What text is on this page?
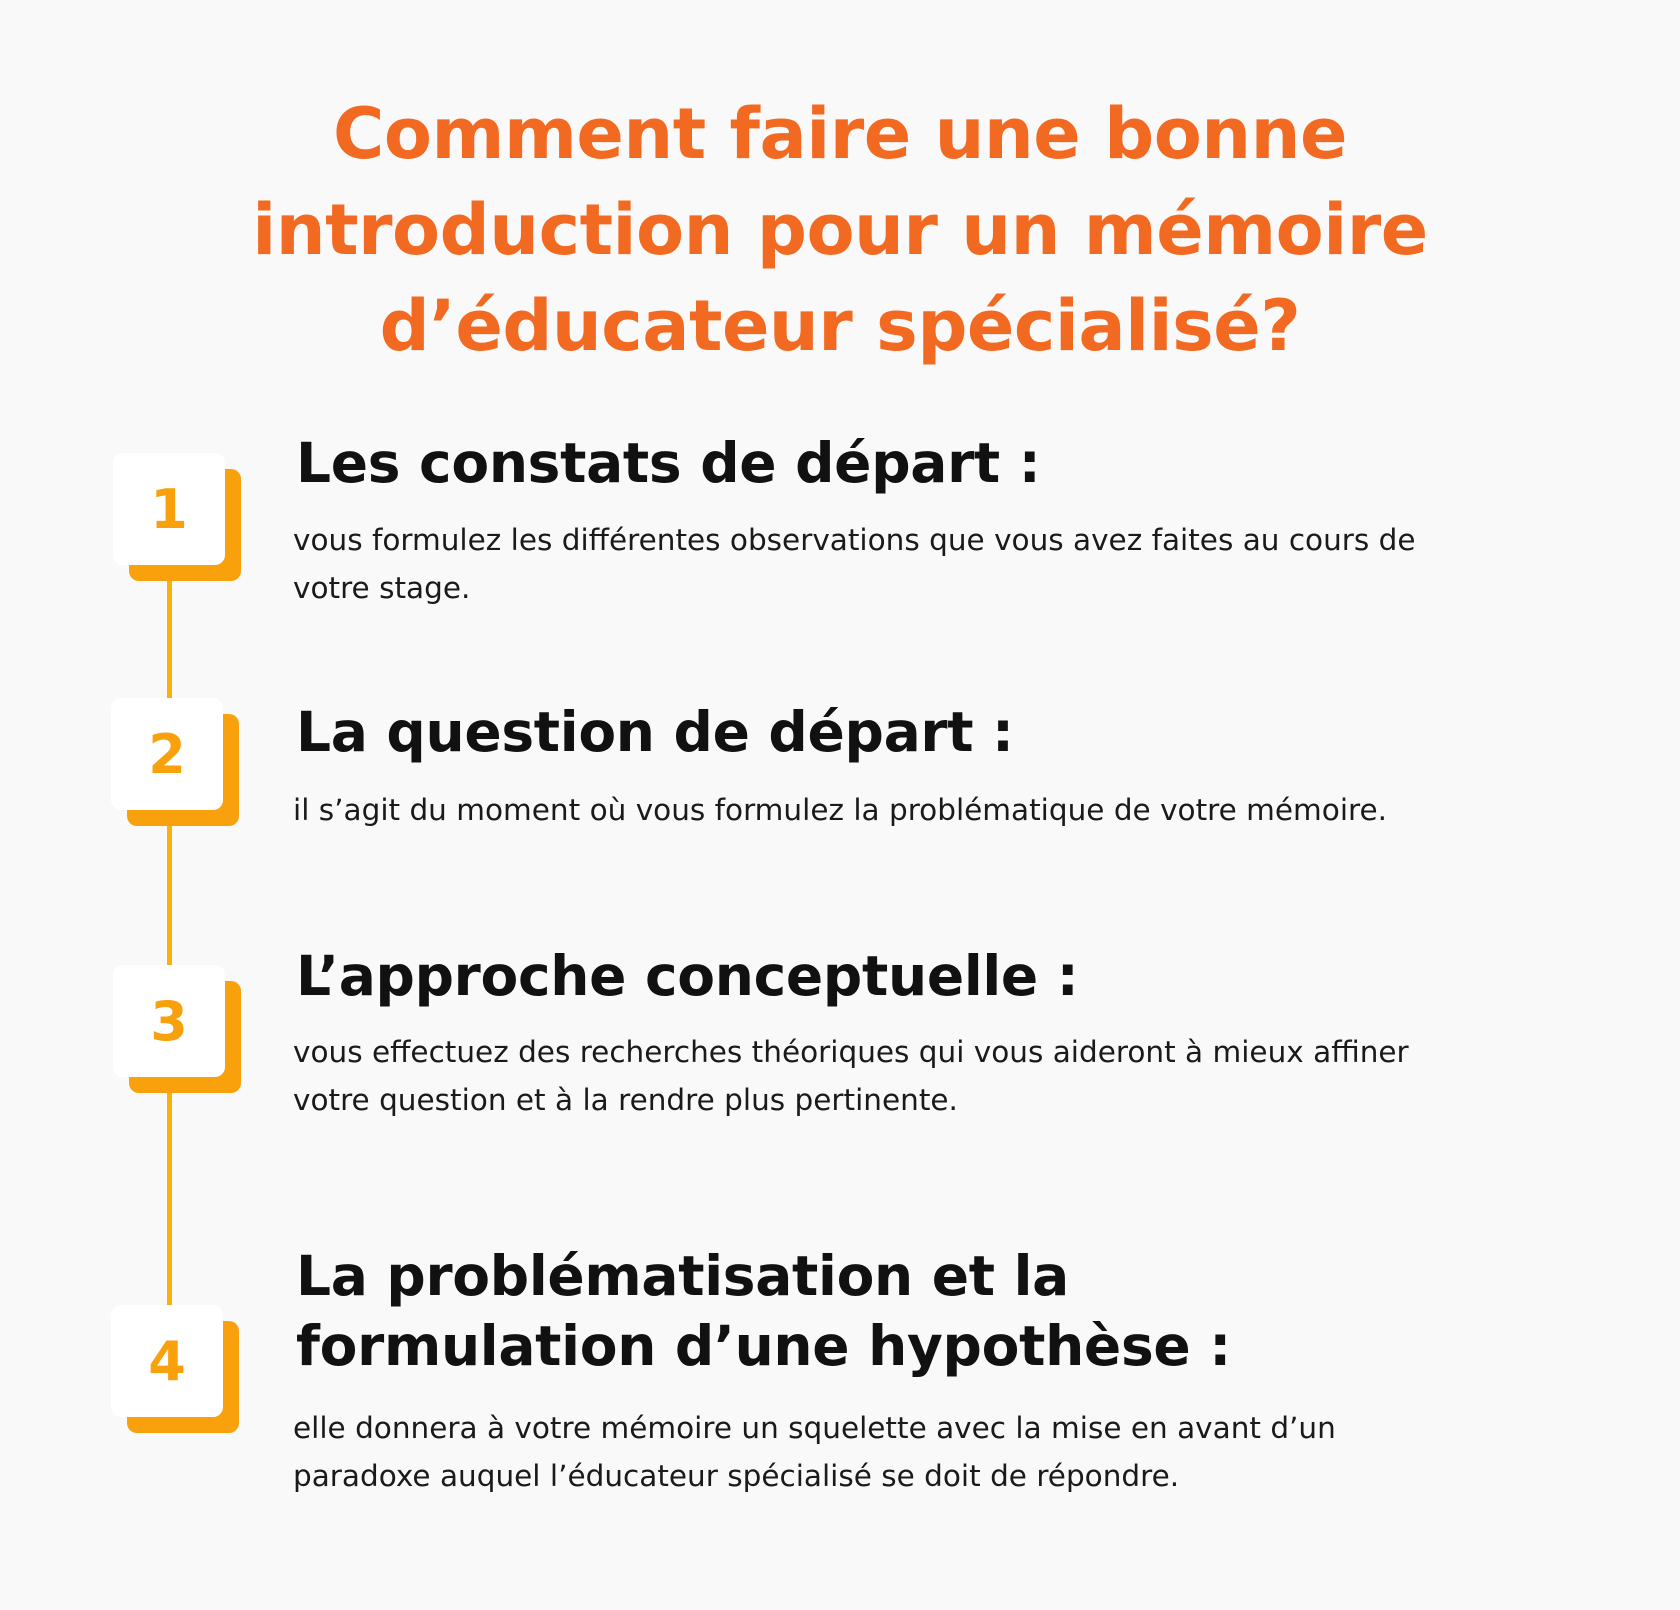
Comment faire une bonne
introduction pour un mémoire
d’éducateur spécialisé?
1
Les constats de départ :

vous formulez les différentes observations que vous avez faites au cours de
votre stage.

2	La question de départ :

il s’agit du moment où vous formulez la problématique de votre mémoire.

3
L’approche conceptuelle :

vous effectuez des recherches théoriques qui vous aideront à mieux affiner
votre question et à la rendre plus pertinente.

4
La problématisation et la
formulation d’une hypothèse :

elle donnera à votre mémoire un squelette avec la mise en avant d’un
paradoxe auquel l’éducateur spécialisé se doit de répondre.
